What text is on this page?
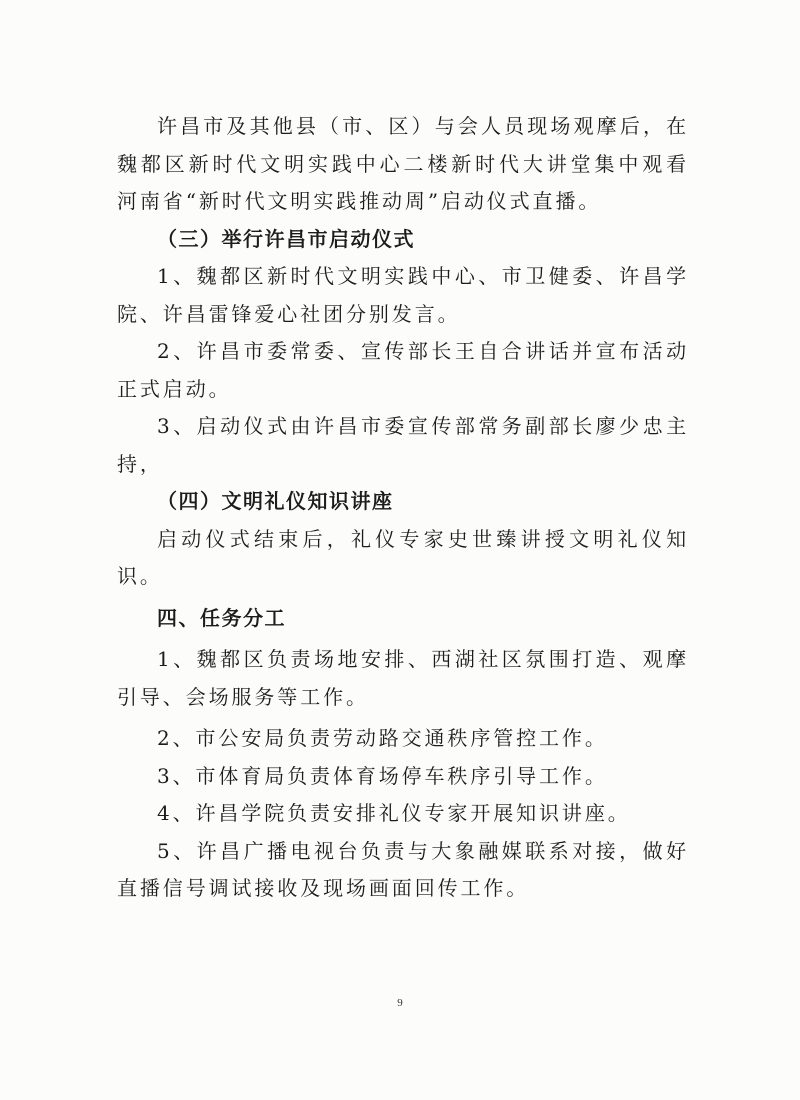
许昌市及其他县（市、区）与会人员现场观摩后，在魏都区新时代文明实践中心二楼新时代大讲堂集中观看河南省“新时代文明实践推动周”启动仪式直播。

（三）举行许昌市启动仪式

1、魏都区新时代文明实践中心、市卫健委、许昌学院、许昌雷锋爱心社团分别发言。

2、许昌市委常委、宣传部长王自合讲话并宣布活动正式启动。

3、启动仪式由许昌市委宣传部常务副部长廖少忠主持，

（四）文明礼仪知识讲座

启动仪式结束后，礼仪专家史世臻讲授文明礼仪知识。

四、任务分工

1、魏都区负责场地安排、西湖社区氛围打造、观摩引导、会场服务等工作。

2、市公安局负责劳动路交通秩序管控工作。

3、市体育局负责体育场停车秩序引导工作。

4、许昌学院负责安排礼仪专家开展知识讲座。

5、许昌广播电视台负责与大象融媒联系对接，做好直播信号调试接收及现场画面回传工作。

9
